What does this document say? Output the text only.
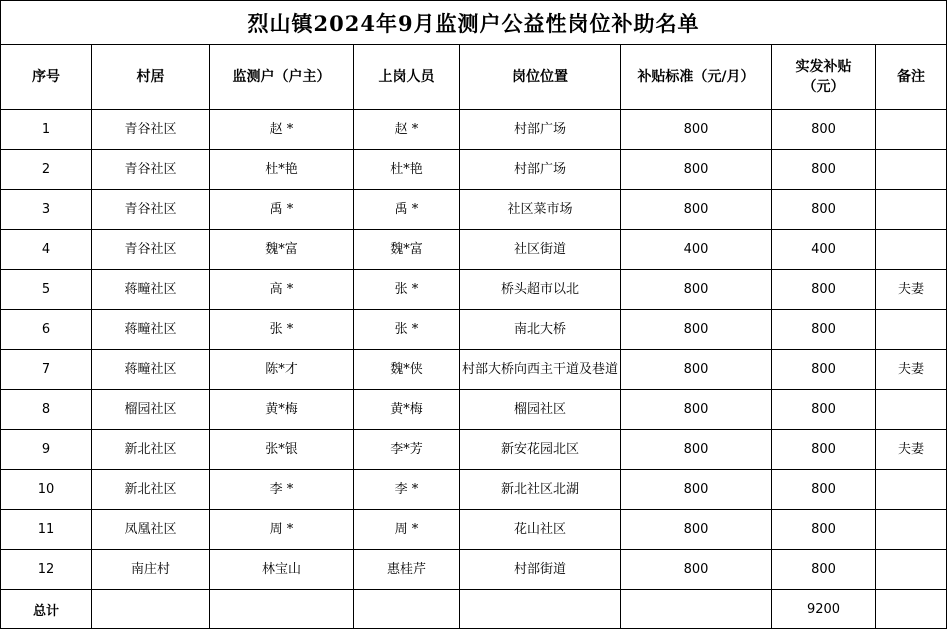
烈山镇2024年9月监测户公益性岗位补助名单							
序号	村居	监测户（户主）	上岗人员	岗位位置	补贴标准（元/月）	实发补贴（元）	备注
1	青谷社区	赵 *	赵 *	村部广场	800	800	
2	青谷社区	杜*艳	杜*艳	村部广场	800	800	
3	青谷社区	禹 *	禹 *	社区菜市场	800	800	
4	青谷社区	魏*富	魏*富	社区街道	400	400	
5	蒋疃社区	高 *	张 *	桥头超市以北	800	800	夫妻
6	蒋疃社区	张 *	张 *	南北大桥	800	800	
7	蒋疃社区	陈*才	魏*侠	村部大桥向西主干道及巷道	800	800	夫妻
8	榴园社区	黄*梅	黄*梅	榴园社区	800	800	
9	新北社区	张*银	李*芳	新安花园北区	800	800	夫妻
10	新北社区	李 *	李 *	新北社区北湖	800	800	
11	凤凰社区	周 *	周 *	花山社区	800	800	
12	南庄村	林宝山	惠桂芹	村部街道	800	800	
总计						9200	
